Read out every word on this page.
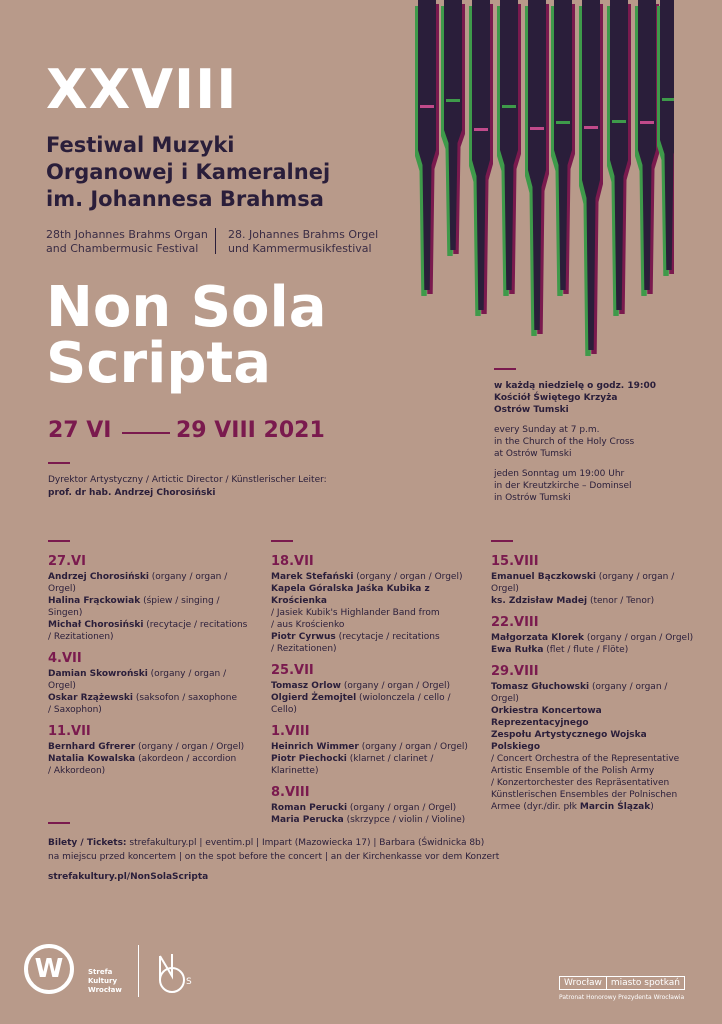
XXVIII
Festiwal Muzyki
Organowej i Kameralnej
im. Johannesa Brahmsa
28th Johannes Brahms Organ
and Chambermusic Festival
28. Johannes Brahms Orgel
und Kammermusikfestival
Non Sola
Scripta
27 VI	29 VIII 2021
Dyrektor Artystyczny / Artictic Director / Künstlerischer Leiter:
prof. dr hab. Andrzej Chorosiński

w każdą niedzielę o godz. 19:00
Kościół Świętego Krzyża
Ostrów Tumski

every Sunday at 7 p.m.
in the Church of the Holy Cross
at Ostrów Tumski

jeden Sonntag um 19:00 Uhr
in der Kreutzkirche – Dominsel
in Ostrów Tumski

27.VI
Andrzej Chorosiński (organy / organ / Orgel)
Halina Frąckowiak (śpiew / singing / Singen)
Michał Chorosiński (recytacje / recitations
/ Rezitationen)
4.VII
Damian Skowroński (organy / organ / Orgel)
Oskar Rzążewski (saksofon / saxophone
/ Saxophon)
11.VII
Bernhard Gfrerer (organy / organ / Orgel)
Natalia Kowalska (akordeon / accordion
/ Akkordeon)
18.VII
Marek Stefański (organy / organ / Orgel)
Kapela Góralska Jaśka Kubika z Krościenka
/ Jasiek Kubik's Highlander Band from
/ aus Krościenko
Piotr Cyrwus (recytacje / recitations
/ Rezitationen)
25.VII
Tomasz Orlow (organy / organ / Orgel)
Olgierd Żemojtel (wiolonczela / cello / Cello)
1.VIII
Heinrich Wimmer (organy / organ / Orgel)
Piotr Piechocki (klarnet / clarinet / Klarinette)
8.VIII
Roman Perucki (organy / organ / Orgel)
Maria Perucka (skrzypce / violin / Violine)
15.VIII
Emanuel Bączkowski (organy / organ / Orgel)
ks. Zdzisław Madej (tenor / Tenor)
22.VIII
Małgorzata Klorek (organy / organ / Orgel)
Ewa Rułka (flet / flute / Flöte)
29.VIII
Tomasz Głuchowski (organy / organ / Orgel)
Orkiestra Koncertowa Reprezentacyjnego
Zespołu Artystycznego Wojska Polskiego
/ Concert Orchestra of the Representative
Artistic Ensemble of the Polish Army
/ Konzertorchester des Repräsentativen
Künstlerischen Ensembles der Polnischen
Armee (dyr./dir. płk Marcin Ślązak)
Bilety / Tickets: strefakultury.pl | eventim.pl | Impart (Mazowiecka 17) | Barbara (Świdnicka 8b)
na miejscu przed koncertem | on the spot before the concert | an der Kirchenkasse vor dem Konzert
strefakultury.pl/NonSolaScripta
W	Strefa
Kultury
Wrocław
S	Wrocław miasto spotkań
Patronat Honorowy Prezydenta Wrocławia
